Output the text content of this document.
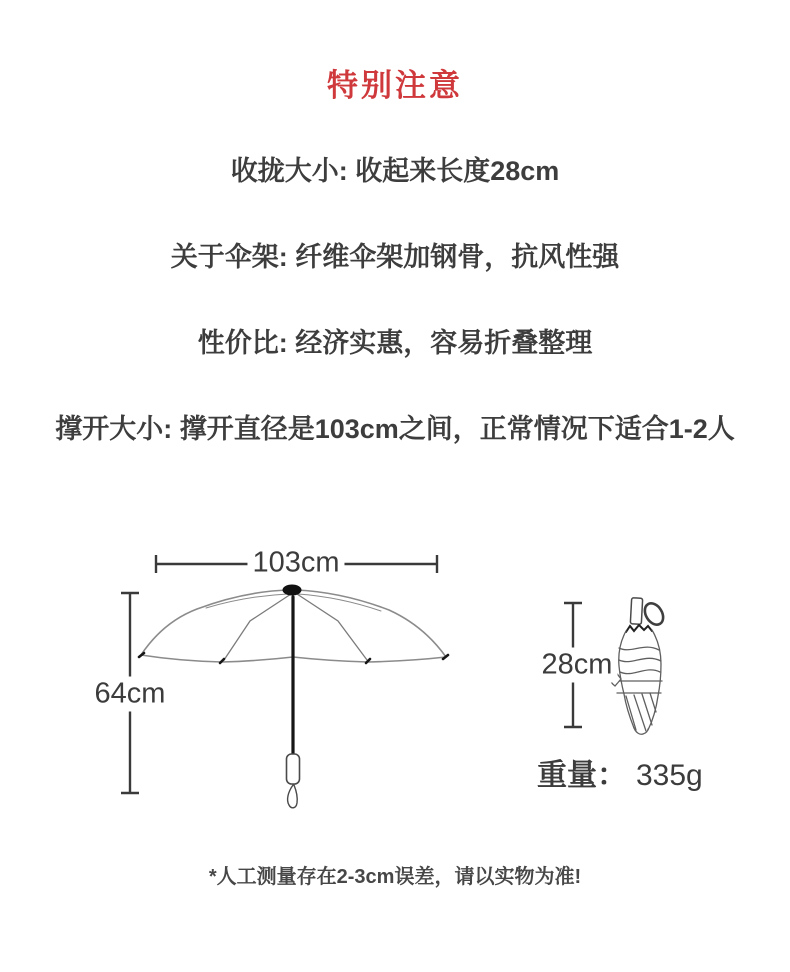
特别注意
收拢大小: 收起来长度28cm
关于伞架: 纤维伞架加钢骨，抗风性强
性价比: 经济实惠，容易折叠整理
撑开大小: 撑开直径是103cm之间，正常情况下适合1-2人
103cm
64cm
28cm
重量： 335g
*人工测量存在2-3cm误差，请以实物为准!
